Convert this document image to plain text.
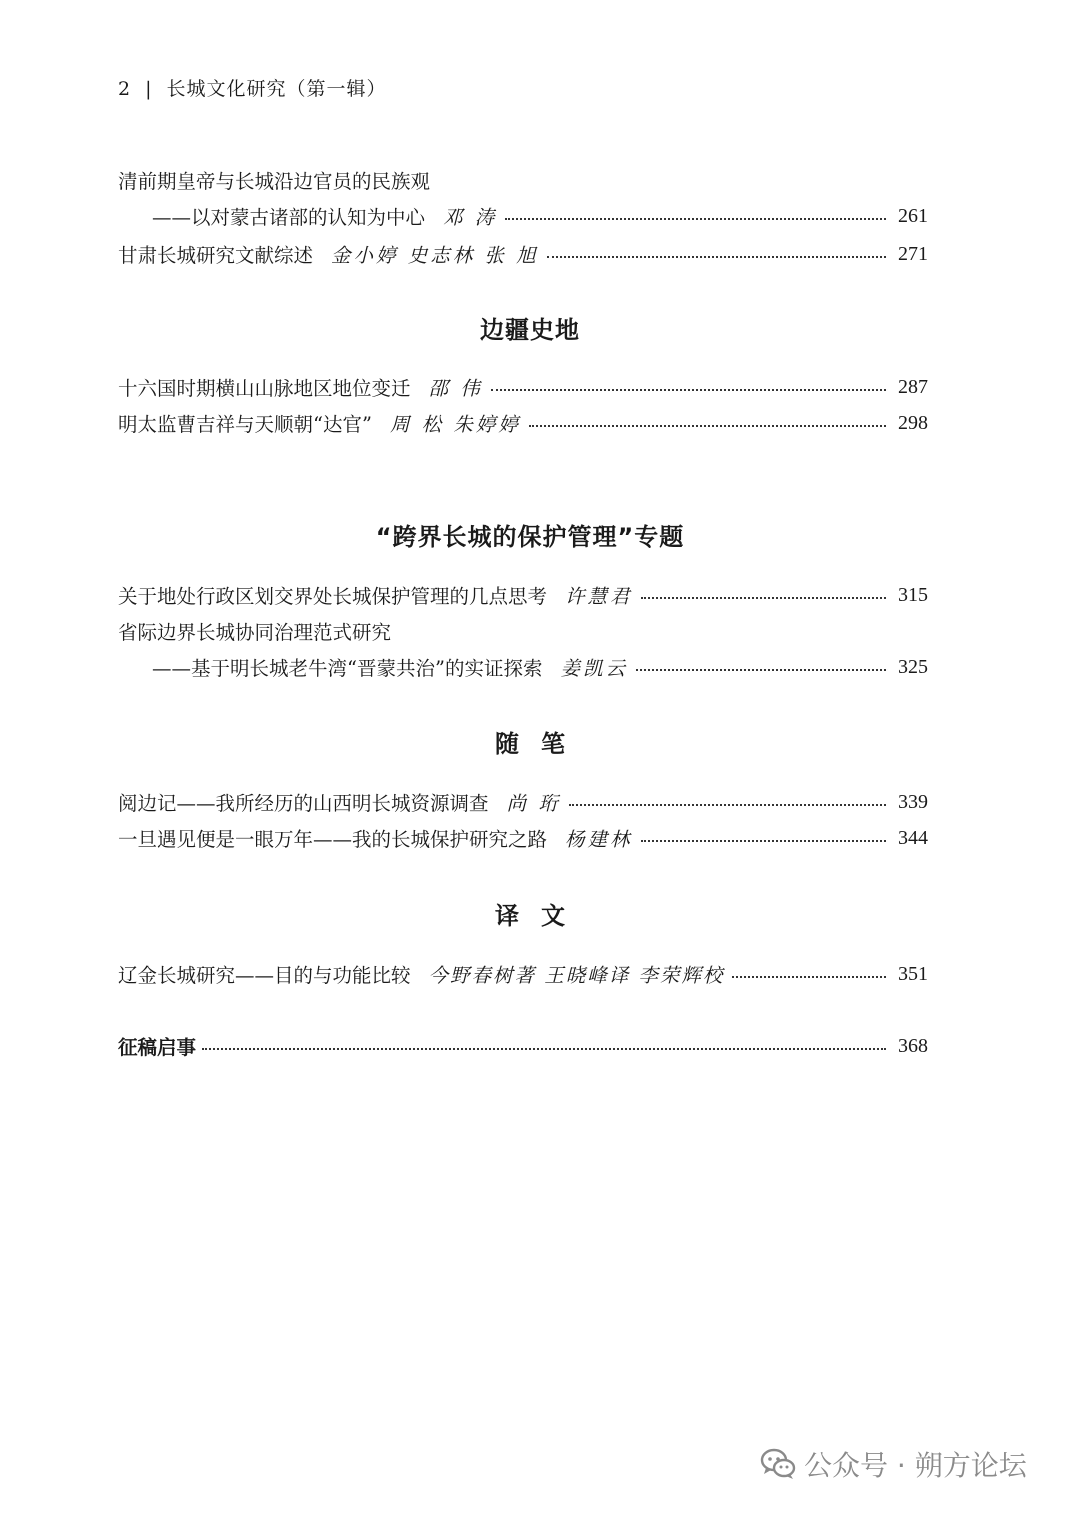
2 | 长城文化研究（第一辑）
清前期皇帝与长城沿边官员的民族观
——以对蒙古诸部的认知为中心 邓 涛	261
甘肃长城研究文献综述 金小婷 史志林 张 旭	271
边疆史地
十六国时期横山山脉地区地位变迁 邵 伟	287
明太监曹吉祥与天顺朝“达官” 周 松 朱婷婷	298
“跨界长城的保护管理”专题
关于地处行政区划交界处长城保护管理的几点思考 许慧君	315
省际边界长城协同治理范式研究
——基于明长城老牛湾“晋蒙共治”的实证探索 姜凯云	325
随笔
阅边记——我所经历的山西明长城资源调查 尚 珩	339
一旦遇见便是一眼万年——我的长城保护研究之路 杨建林	344
译文
辽金长城研究——目的与功能比较 今野春树著 王晓峰译 李荣辉校	351
征稿启事	368
公众号 · 朔方论坛
